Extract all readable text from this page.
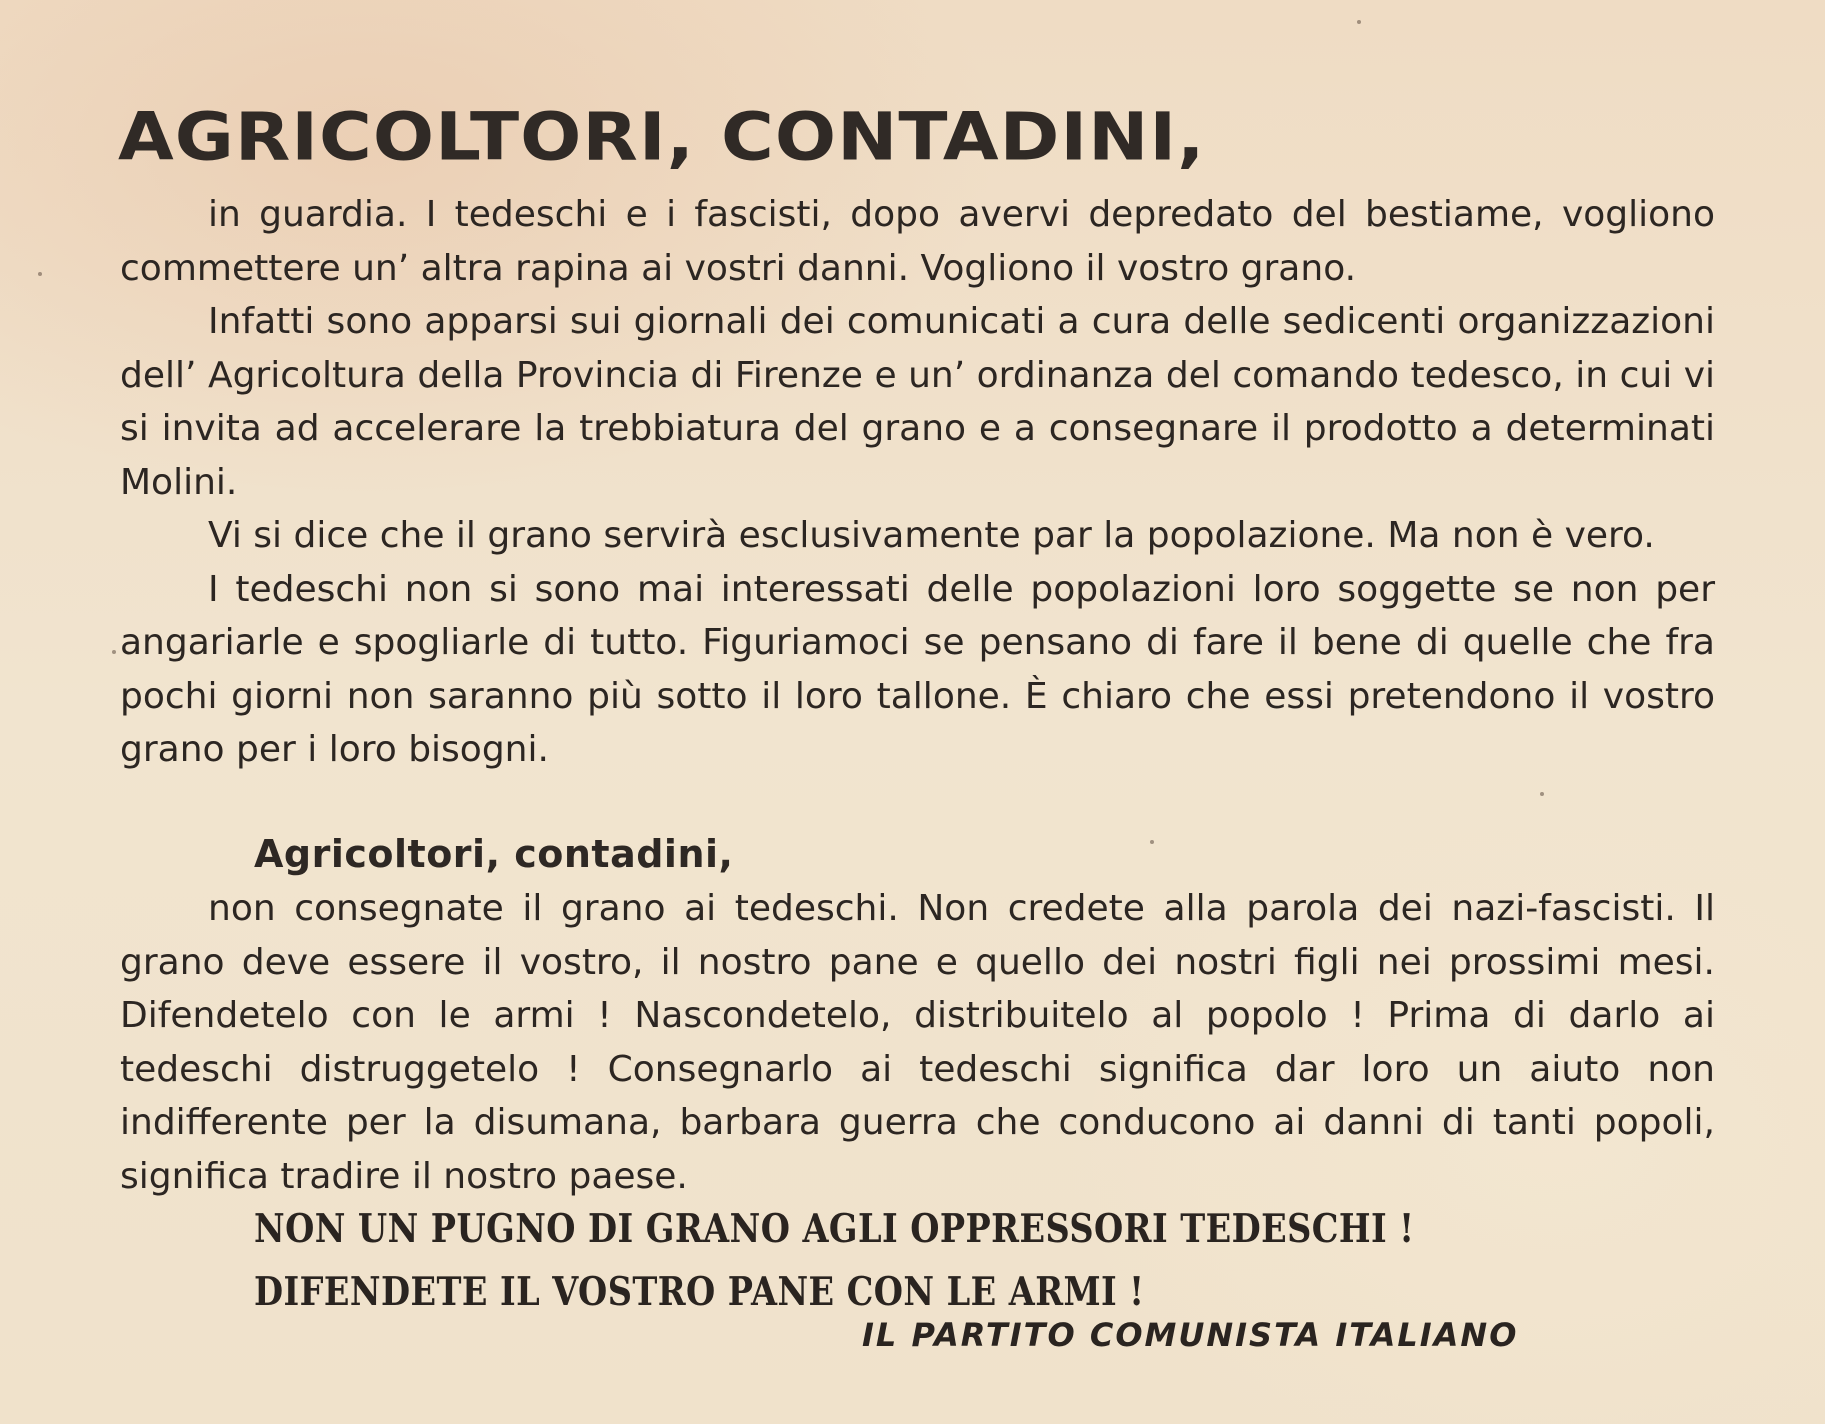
AGRICOLTORI, CONTADINI,

in guardia. I tedeschi e i fascisti, dopo avervi depredato del bestiame, vogliono commettere un’ altra rapina ai vostri danni. Vogliono il vostro grano.

Infatti sono apparsi sui giornali dei comunicati a cura delle sedicenti organizzazioni dell’ Agricoltura della Provincia di Firenze e un’ ordinanza del comando tedesco, in cui vi si invita ad accelerare la trebbiatura del grano e a consegnare il prodotto a determinati Molini.

Vi si dice che il grano servirà esclusivamente par la popolazione. Ma non è vero.

I tedeschi non si sono mai interessati delle popolazioni loro soggette se non per angariarle e spogliarle di tutto. Figuriamoci se pensano di fare il bene di quelle che fra pochi giorni non saranno più sotto il loro tallone. È chiaro che essi pretendono il vostro grano per i loro bisogni.

Agricoltori, contadini,

non consegnate il grano ai tedeschi. Non credete alla parola dei nazi-fascisti. Il grano deve essere il vostro, il nostro pane e quello dei nostri figli nei prossimi mesi. Difendetelo con le armi ! Nascondetelo, distribuitelo al popolo ! Prima di darlo ai tedeschi distruggetelo ! Consegnarlo ai tedeschi significa dar loro un aiuto non indifferente per la disumana, barbara guerra che conducono ai danni di tanti popoli, significa tradire il nostro paese.

NON UN PUGNO DI GRANO AGLI OPPRESSORI TEDESCHI !
DIFENDETE IL VOSTRO PANE CON LE ARMI !
IL PARTITO COMUNISTA ITALIANO
